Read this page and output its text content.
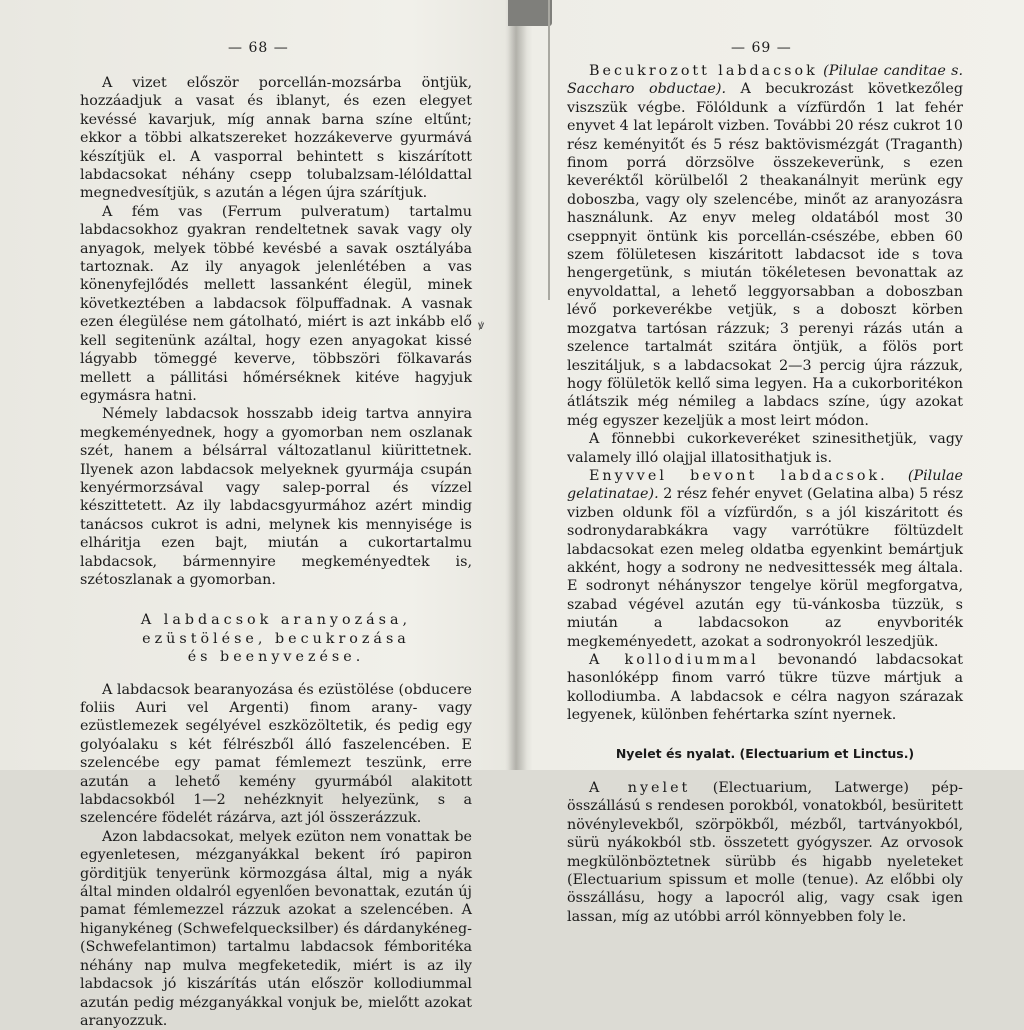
— 68 —

A vizet először porcellán-mozsárba öntjük, hozzáadjuk a vasat és iblanyt, és ezen elegyet kevéssé kavarjuk, míg annak barna színe eltűnt; ekkor a többi alkatszereket hozzákeverve gyurmává készítjük el. A vasporral behintett s kiszárított labdacsokat néhány csepp tolubalzsam-lélóldattal megnedvesítjük, s azután a légen újra szárítjuk.

A fém vas (Ferrum pulveratum) tartalmu labdacsokhoz gyakran rendeltetnek savak vagy oly anyagok, melyek többé kevésbé a savak osztályába tartoznak. Az ily anyagok jelenlétében a vas könenyfejlődés mellett lassanként élegül, minek következtében a labdacsok fölpuffadnak. A vasnak ezen élegülése nem gátolható, miért is azt inkább elő kell segitenünk azáltal, hogy ezen anyagokat kissé lágyabb tömeggé keverve, többszöri fölkavarás mellett a pállitási hőmérséknek kitéve hagyjuk egymásra hatni.

Némely labdacsok hosszabb ideig tartva annyira megkeményednek, hogy a gyomorban nem oszlanak szét, hanem a bélsárral változatlanul kiürittetnek. Ilyenek azon labdacsok melyeknek gyurmája csupán kenyérmorzsával vagy salep-porral és vízzel készittetett. Az ily labdacsgyurmához azért mindig tanácsos cukrot is adni, melynek kis mennyisége is elháritja ezen bajt, miután a cukortartalmu labdacsok, bármennyire megkeményedtek is, szétoszlanak a gyomorban.

A labdacsok aranyozása, ezüstölése, becukrozása
és beenyvezése.

A labdacsok bearanyozása és ezüstölése (obducere foliis Auri vel Argenti) finom arany- vagy ezüstlemezek segélyével eszközöltetik, és pedig egy golyóalaku s két félrészből álló faszelencében. E szelencébe egy pamat fémlemezt teszünk, erre azután a lehető kemény gyurmából alakitott labdacsokból 1—2 nehézknyit helyezünk, s a szelencére födelét rázárva, azt jól összerázzuk.

Azon labdacsokat, melyek ezüton nem vonattak be egyenletesen, mézganyákkal bekent író papiron görditjük tenyerünk körmozgása által, mig a nyák által minden oldalról egyenlően bevonattak, ezután új pamat fémlemezzel rázzuk azokat a szelencében. A higanykéneg (Schwefelquecksilber) és dárdanykéneg- (Schwefelantimon) tartalmu labdacsok fémboritéka néhány nap mulva megfeketedik, miért is az ily labdacsok jó kiszárítás után először kollodiummal azután pedig mézganyákkal vonjuk be, mielőtt azokat aranyozzuk.

ꝟ
— 69 —

Becukrozott labdacsok (Pilulae canditae s. Saccharo obductae). A becukrozást következőleg viszszük végbe. Fölóldunk a vízfürdőn 1 lat fehér enyvet 4 lat lepárolt vizben. További 20 rész cukrot 10 rész keményitőt és 5 rész baktövismézgát (Traganth) finom porrá dörzsölve összekeverünk, s ezen keveréktől körülbelől 2 theakanálnyit merünk egy doboszba, vagy oly szelencébe, minőt az aranyozásra használunk. Az enyv meleg oldatából most 30 cseppnyit öntünk kis porcellán-csészébe, ebben 60 szem fölületesen kiszáritott labdacsot ide s tova hengergetünk, s miután tökéletesen bevonattak az enyvoldattal, a lehető leggyorsabban a doboszban lévő porkeverékbe vetjük, s a doboszt körben mozgatva tartósan rázzuk; 3 perenyi rázás után a szelence tartalmát szitára öntjük, a fölös port leszitáljuk, s a labdacsokat 2—3 percig újra rázzuk, hogy fölületök kellő sima legyen. Ha a cukorboritékon átlátszik még némileg a labdacs színe, úgy azokat még egyszer kezeljük a most leirt módon.

A fönnebbi cukorkeveréket szinesithetjük, vagy valamely illó olajjal illatosithatjuk is.

Enyvvel bevont labdacsok. (Pilulae gelatinatae). 2 rész fehér enyvet (Gelatina alba) 5 rész vizben oldunk föl a vízfürdőn, s a jól kiszáritott és sodronydarabkákra vagy varrótükre föltüzdelt labdacsokat ezen meleg oldatba egyenkint bemártjuk akként, hogy a sodrony ne nedvesittessék meg általa. E sodronyt néhányszor tengelye körül megforgatva, szabad végével azután egy tü-vánkosba tüzzük, s miután a labdacsokon az enyvboriték megkeményedett, azokat a sodronyokról leszedjük.

A kollodiummal bevonandó labdacsokat hasonlóképp finom varró tükre tüzve mártjuk a kollodiumba. A labdacsok e célra nagyon szárazak legyenek, különben fehértarka színt nyernek.

Nyelet és nyalat. (Electuarium et Linctus.)

A nyelet (Electuarium, Latwerge) pép-összállású s rendesen porokból, vonatokból, besüritett növénylevekből, szörpökből, mézből, tartványokból, sürü nyákokból stb. összetett gyógyszer. Az orvosok megkülönböztetnek sürübb és higabb nyeleteket (Electuarium spissum et molle (tenue). Az előbbi oly összállásu, hogy a lapocról alig, vagy csak igen lassan, míg az utóbbi arról könnyebben foly le.
